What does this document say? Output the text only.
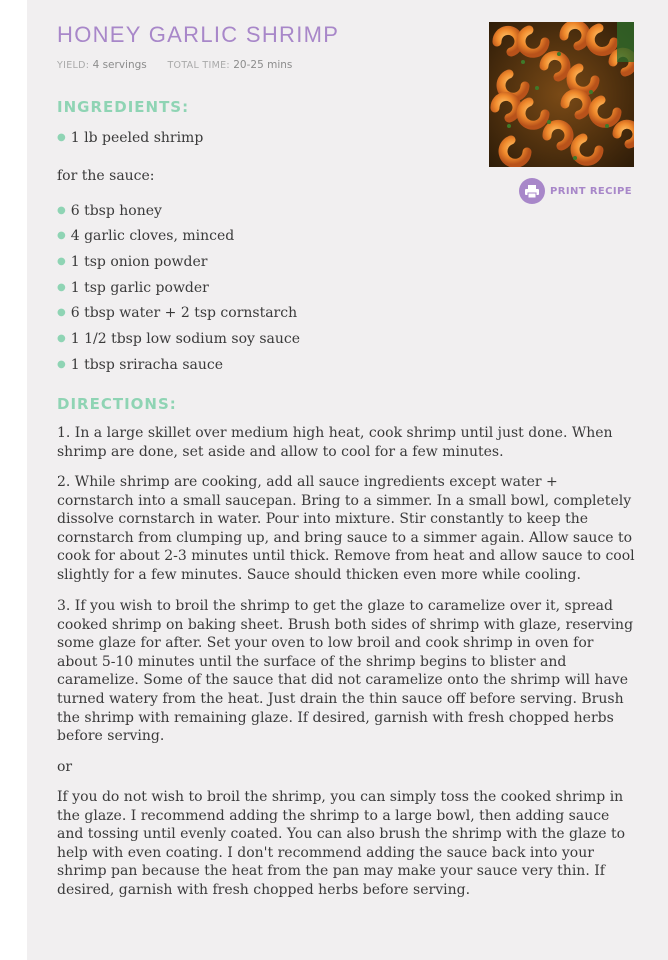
HONEY GARLIC SHRIMP
YIELD: 4 servings TOTAL TIME: 20-25 mins
PRINT RECIPE
INGREDIENTS:
● 1 lb peeled shrimp
for the sauce:
● 6 tbsp honey
● 4 garlic cloves, minced
● 1 tsp onion powder
● 1 tsp garlic powder
● 6 tbsp water + 2 tsp cornstarch
● 1 1/2 tbsp low sodium soy sauce
● 1 tbsp sriracha sauce
DIRECTIONS:

1. In a large skillet over medium high heat, cook shrimp until just done. When shrimp are done, set aside and allow to cool for a few minutes.

2. While shrimp are cooking, add all sauce ingredients except water + cornstarch into a small saucepan. Bring to a simmer. In a small bowl, completely dissolve cornstarch in water. Pour into mixture. Stir constantly to keep the cornstarch from clumping up, and bring sauce to a simmer again. Allow sauce to cook for about 2-3 minutes until thick. Remove from heat and allow sauce to cool slightly for a few minutes. Sauce should thicken even more while cooling.

3. If you wish to broil the shrimp to get the glaze to caramelize over it, spread cooked shrimp on baking sheet. Brush both sides of shrimp with glaze, reserving some glaze for after. Set your oven to low broil and cook shrimp in oven for about 5-10 minutes until the surface of the shrimp begins to blister and caramelize. Some of the sauce that did not caramelize onto the shrimp will have turned watery from the heat. Just drain the thin sauce off before serving. Brush the shrimp with remaining glaze. If desired, garnish with fresh chopped herbs before serving.

or

If you do not wish to broil the shrimp, you can simply toss the cooked shrimp in the glaze. I recommend adding the shrimp to a large bowl, then adding sauce and tossing until evenly coated. You can also brush the shrimp with the glaze to help with even coating. I don't recommend adding the sauce back into your shrimp pan because the heat from the pan may make your sauce very thin. If desired, garnish with fresh chopped herbs before serving.
